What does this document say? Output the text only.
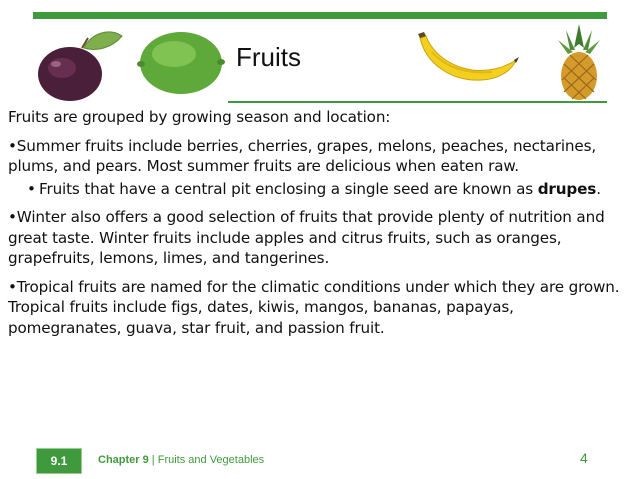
Fruits

Fruits are grouped by growing season and location:

•Summer fruits include berries, cherries, grapes, melons, peaches, nectarines, plums, and pears. Most summer fruits are delicious when eaten raw.

• Fruits that have a central pit enclosing a single seed are known as drupes.

•Winter also offers a good selection of fruits that provide plenty of nutrition and great taste. Winter fruits include apples and citrus fruits, such as oranges, grapefruits, lemons, limes, and tangerines.

•Tropical fruits are named for the climatic conditions under which they are grown. Tropical fruits include figs, dates, kiwis, mangos, bananas, papayas, pomegranates, guava, star fruit, and passion fruit.

9.1	Chapter 9 | Fruits and Vegetables	4
